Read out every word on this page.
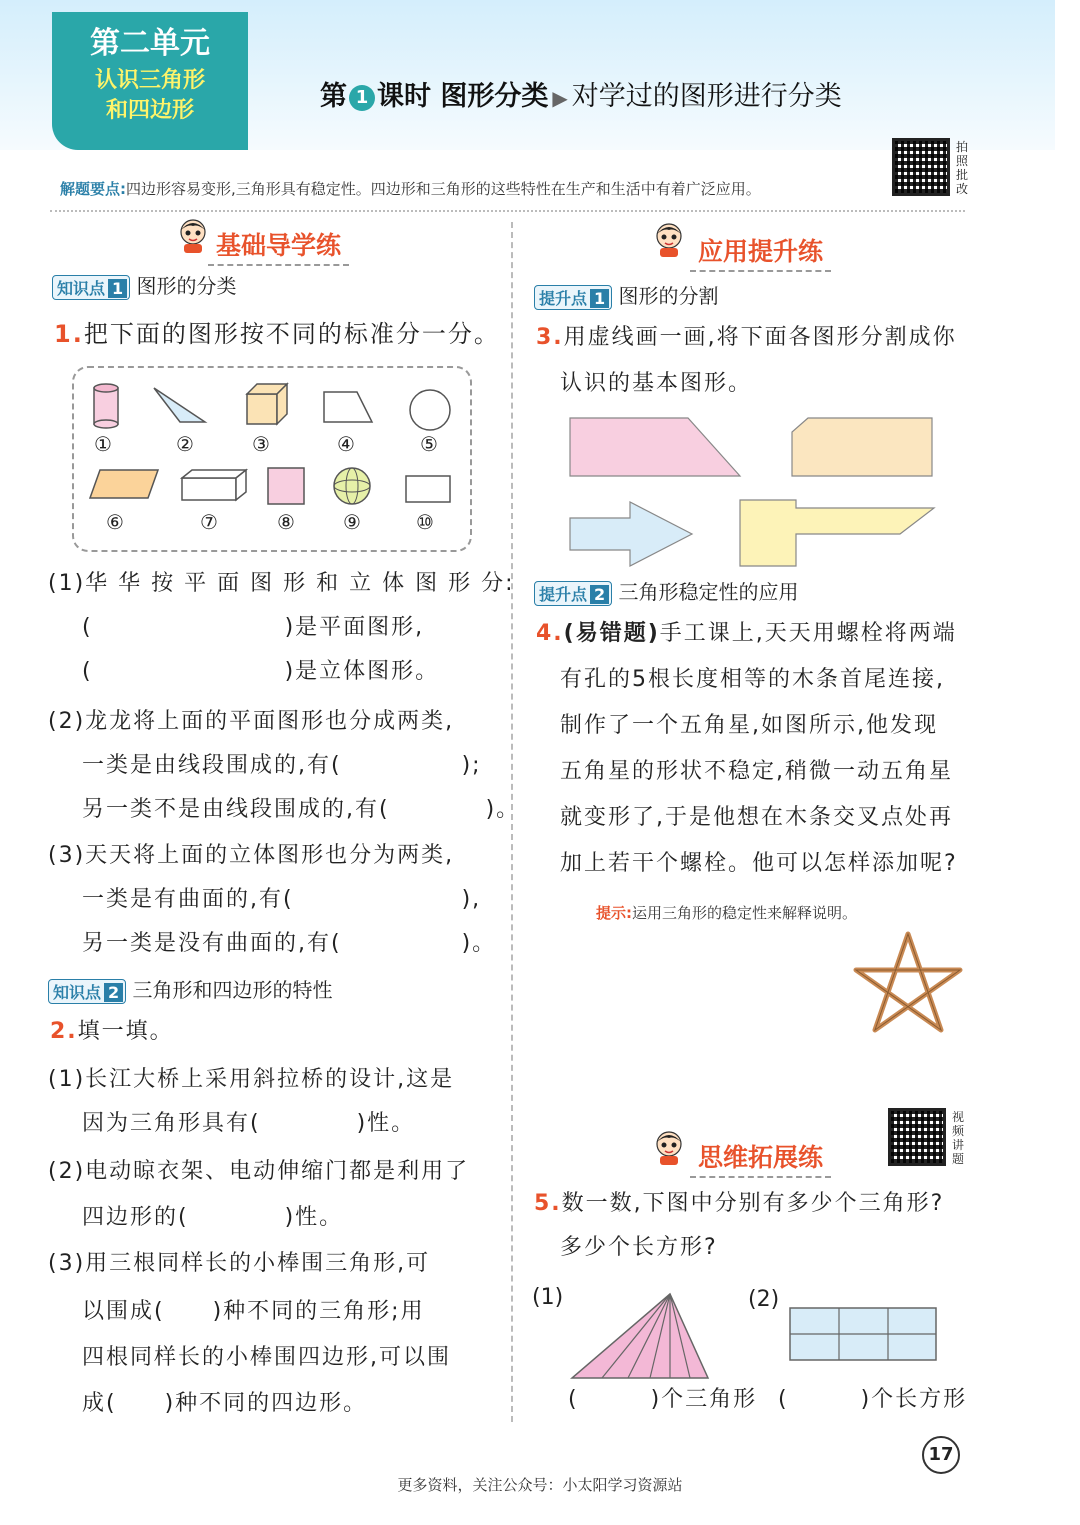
第二单元
认识三角形
和四边形	第 1 课时 图形分类 ▶ 对学过的图形进行分类
拍照批改
解题要点:四边形容易变形,三角形具有稳定性。四边形和三角形的这些特性在生产和生活中有着广泛应用。
基础导学练
知识点 1 图形的分类
1.把下面的图形按不同的标准分一分。
①	②	③	④	⑤
⑥	⑦	⑧ ⑨	⑩
(1)华 华 按 平 面 图 形 和 立 体 图 形 分:
(　　　　　　　　)是平面图形,
(　　　　　　　　)是立体图形。
(2)龙龙将上面的平面图形也分成两类,
一类是由线段围成的,有(　　　　　);
另一类不是由线段围成的,有(　　　　)。
(3)天天将上面的立体图形也分为两类,
一类是有曲面的,有(　　　　　　　),
另一类是没有曲面的,有(　　　　　)。
知识点 2 三角形和四边形的特性
2.填一填。
(1)长江大桥上采用斜拉桥的设计,这是
因为三角形具有(　　　　)性。
(2)电动晾衣架、电动伸缩门都是利用了
四边形的(　　　　)性。
(3)用三根同样长的小棒围三角形,可
以围成(　　)种不同的三角形;用
四根同样长的小棒围四边形,可以围
成(　　)种不同的四边形。
应用提升练
提升点 1 图形的分割
3.用虚线画一画,将下面各图形分割成你
认识的基本图形。
提升点 2 三角形稳定性的应用
4.(易错题)手工课上,天天用螺栓将两端
有孔的5根长度相等的木条首尾连接,
制作了一个五角星,如图所示,他发现
五角星的形状不稳定,稍微一动五角星
就变形了,于是他想在木条交叉点处再
加上若干个螺栓。他可以怎样添加呢?
提示:运用三角形的稳定性来解释说明。
视频讲题
思维拓展练
5.数一数,下图中分别有多少个三角形?
多少个长方形?
(1)	(2)
(　　　)个三角形 (　　　)个长方形
17
更多资料，关注公众号：小太阳学习资源站
